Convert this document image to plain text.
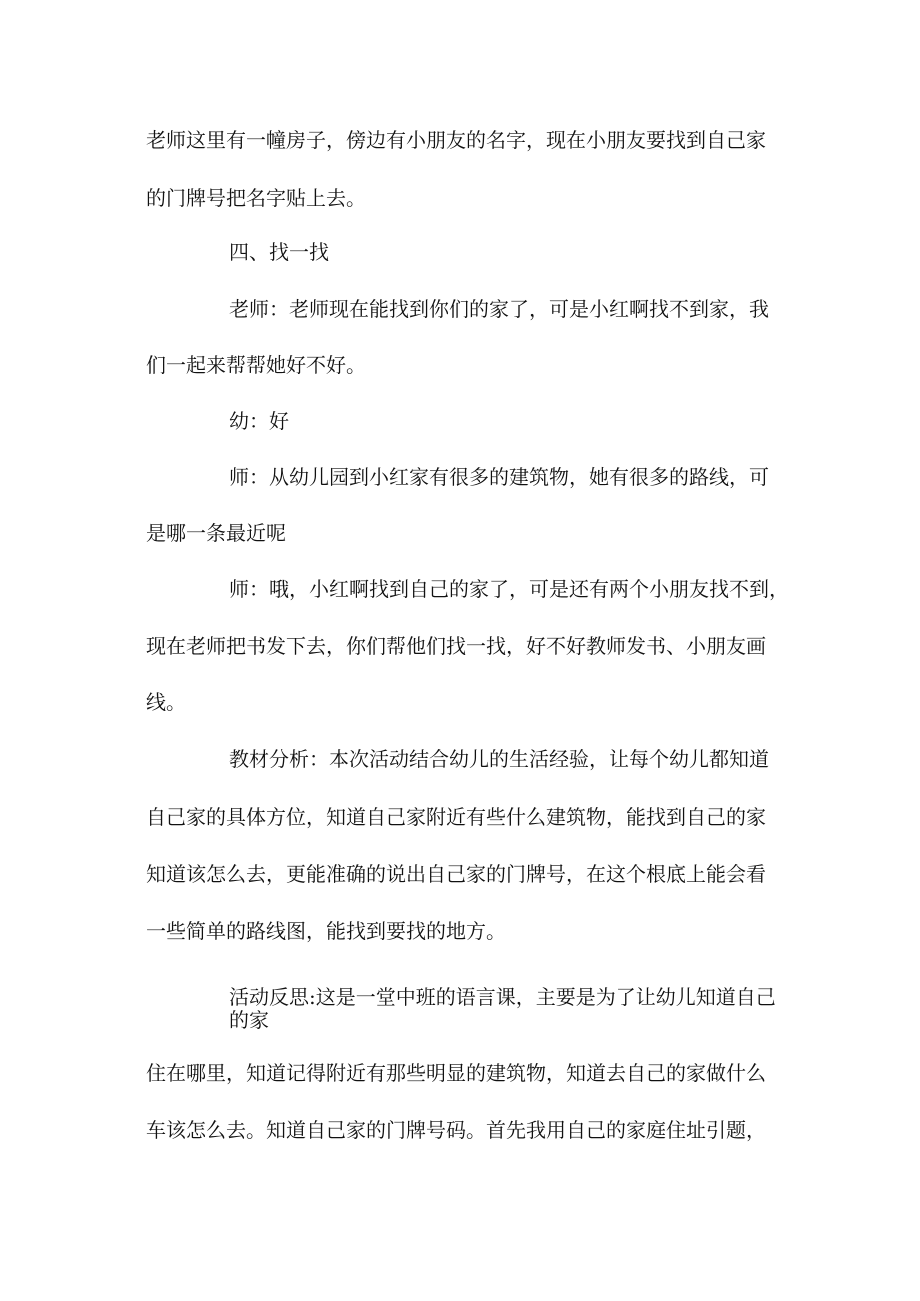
老师这里有一幢房子，傍边有小朋友的名字，现在小朋友要找到自己家
的门牌号把名字贴上去。
四、找一找
老师：老师现在能找到你们的家了，可是小红啊找不到家，我
们一起来帮帮她好不好。
幼：好
师：从幼儿园到小红家有很多的建筑物，她有很多的路线，可
是哪一条最近呢
师：哦，小红啊找到自己的家了，可是还有两个小朋友找不到，
现在老师把书发下去，你们帮他们找一找，好不好教师发书、小朋友画
线。
教材分析：本次活动结合幼儿的生活经验，让每个幼儿都知道
自己家的具体方位，知道自己家附近有些什么建筑物，能找到自己的家
知道该怎么去，更能准确的说出自己家的门牌号，在这个根底上能会看
一些简单的路线图，能找到要找的地方。
活动反思:这是一堂中班的语言课，主要是为了让幼儿知道自己
的家
住在哪里，知道记得附近有那些明显的建筑物，知道去自己的家做什么
车该怎么去。知道自己家的门牌号码。首先我用自己的家庭住址引题，
